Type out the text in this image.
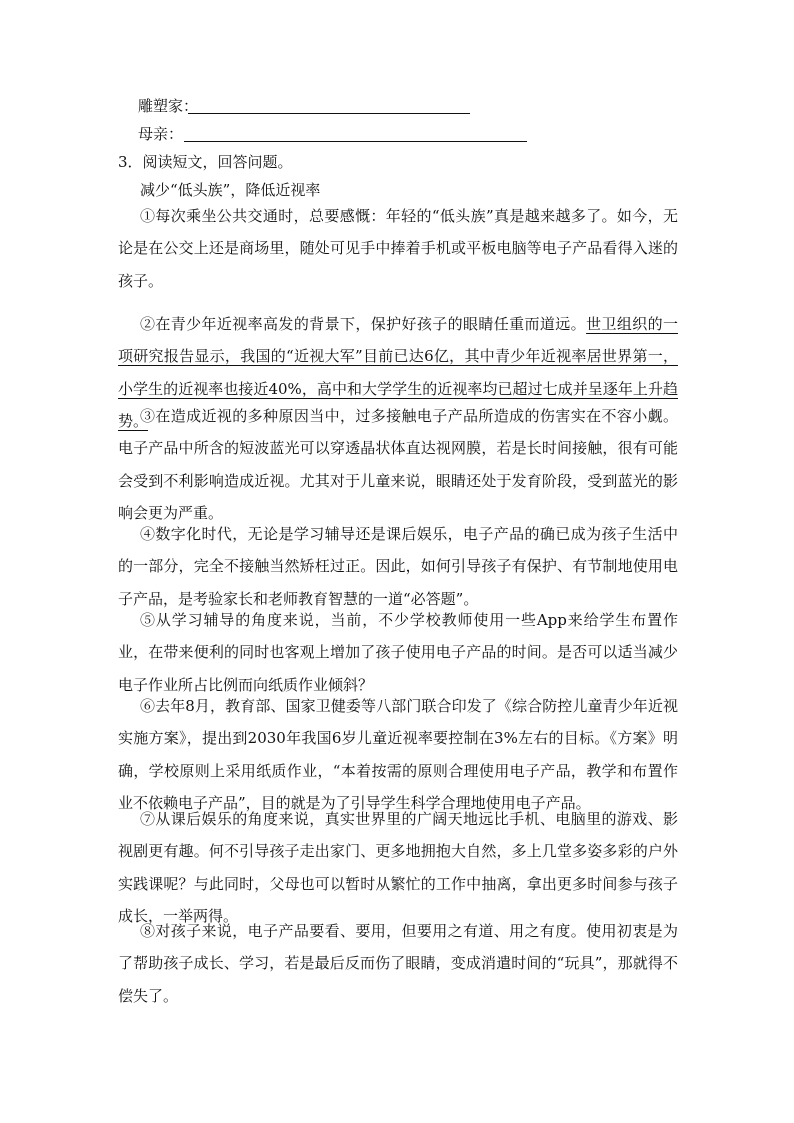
雕塑家：
母亲：
3．阅读短文，回答问题。
减少“低头族”，降低近视率

①每次乘坐公共交通时，总要感慨：年轻的“低头族”真是越来越多了。如今，无论是在公交上还是商场里，随处可见手中捧着手机或平板电脑等电子产品看得入迷的孩子。

②在青少年近视率高发的背景下，保护好孩子的眼睛任重而道远。世卫组织的一项研究报告显示，我国的“近视大军”目前已达6亿，其中青少年近视率居世界第一，小学生的近视率也接近40%，高中和大学学生的近视率均已超过七成并呈逐年上升趋势。

③在造成近视的多种原因当中，过多接触电子产品所造成的伤害实在不容小觑。电子产品中所含的短波蓝光可以穿透晶状体直达视网膜，若是长时间接触，很有可能会受到不利影响造成近视。尤其对于儿童来说，眼睛还处于发育阶段，受到蓝光的影响会更为严重。

④数字化时代，无论是学习辅导还是课后娱乐，电子产品的确已成为孩子生活中的一部分，完全不接触当然矫枉过正。因此，如何引导孩子有保护、有节制地使用电子产品，是考验家长和老师教育智慧的一道“必答题”。

⑤从学习辅导的角度来说，当前，不少学校教师使用一些App来给学生布置作业，在带来便利的同时也客观上增加了孩子使用电子产品的时间。是否可以适当减少电子作业所占比例而向纸质作业倾斜？

⑥去年8月，教育部、国家卫健委等八部门联合印发了《综合防控儿童青少年近视实施方案》，提出到2030年我国6岁儿童近视率要控制在3%左右的目标。《方案》明确，学校原则上采用纸质作业，“本着按需的原则合理使用电子产品，教学和布置作业不依赖电子产品”，目的就是为了引导学生科学合理地使用电子产品。

⑦从课后娱乐的角度来说，真实世界里的广阔天地远比手机、电脑里的游戏、影视剧更有趣。何不引导孩子走出家门、更多地拥抱大自然，多上几堂多姿多彩的户外实践课呢？与此同时，父母也可以暂时从繁忙的工作中抽离，拿出更多时间参与孩子成长，一举两得。

⑧对孩子来说，电子产品要看、要用，但要用之有道、用之有度。使用初衷是为了帮助孩子成长、学习，若是最后反而伤了眼睛，变成消遣时间的“玩具”，那就得不偿失了。
